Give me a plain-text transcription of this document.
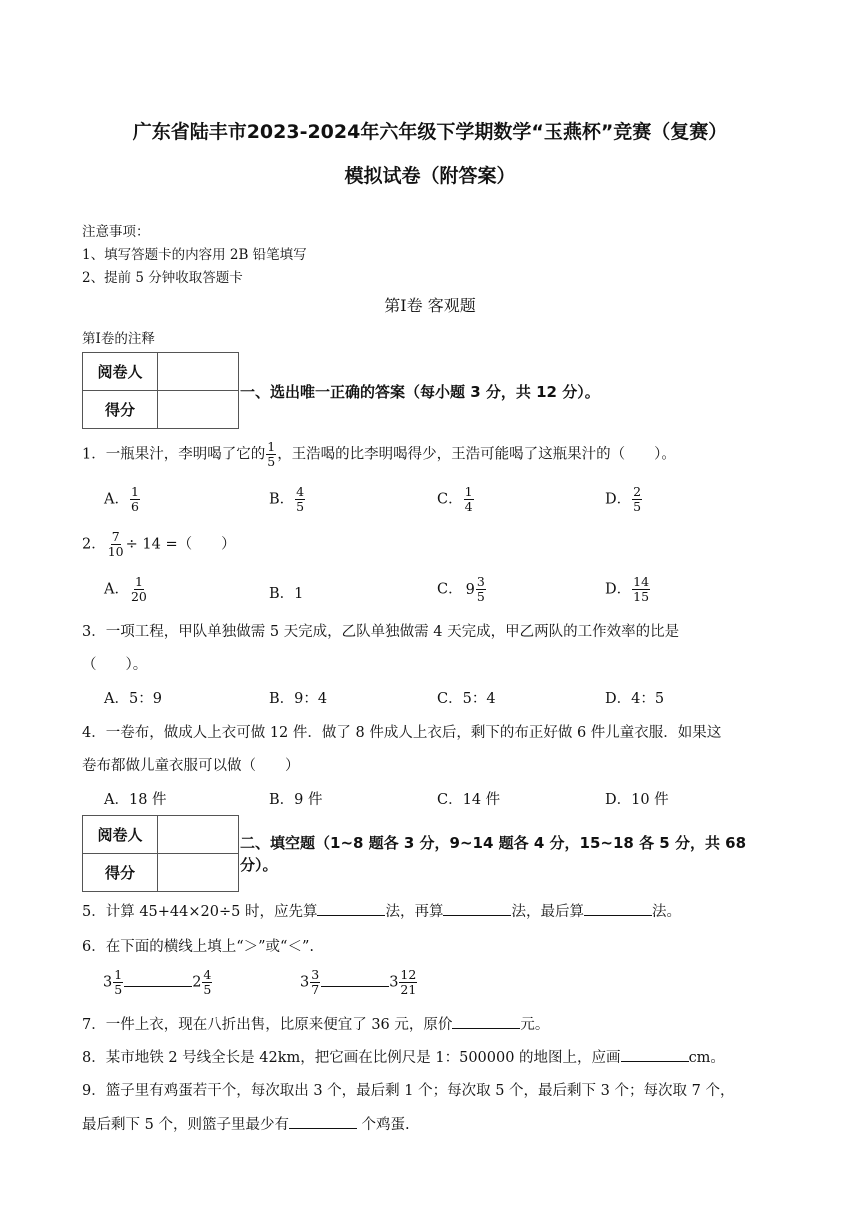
广东省陆丰市2023-2024年六年级下学期数学“玉燕杯”竞赛（复赛）
模拟试卷（附答案）
注意事项：
1、填写答题卡的内容用 2B 铅笔填写
2、提前 5 分钟收取答题卡
第Ⅰ卷 客观题
第Ⅰ卷的注释
阅卷人	
得分	
一、选出唯一正确的答案（每小题 3 分，共 12 分）。
1．一瓶果汁，李明喝了它的 $\frac{1}{5}$ ，王浩喝的比李明喝得少，王浩可能喝了这瓶果汁的（　　）。
A． $\frac{1}{6}$	B． $\frac{4}{5}$	C． $\frac{1}{4}$	D． $\frac{2}{5}$
2． $\frac{7}{10} \div 14$ =（　　）
A． $\frac{1}{20}$	B．1	C． $9 \frac{3}{5}$	D． $\frac{14}{15}$
3．一项工程，甲队单独做需 5 天完成，乙队单独做需 4 天完成，甲乙两队的工作效率的比是
（　　）。
A．5：9	B．9：4	C．5：4	D．4：5
4．一卷布，做成人上衣可做 12 件．做了 8 件成人上衣后，剩下的布正好做 6 件儿童衣服．如果这
卷布都做儿童衣服可以做（　　）
A．18 件	B．9 件	C．14 件	D．10 件
阅卷人	
得分	
二、填空题（1~8 题各 3 分，9~14 题各 4 分，15~18 各 5 分，共 68
分）。
5．计算 45+44×20÷5 时，应先算	法，再算	法，最后算	法。
6．在下面的横线上填上“＞”或“＜”.
$3 \frac{1}{5}$	$2 \frac{4}{5}$	$3 \frac{3}{7}$	$3 \frac{12}{21}$
7．一件上衣，现在八折出售，比原来便宜了 36 元，原价	元。
8．某市地铁 2 号线全长是 42km，把它画在比例尺是 1：500000 的地图上，应画	cm。
9．篮子里有鸡蛋若干个，每次取出 3 个，最后剩 1 个；每次取 5 个，最后剩下 3 个；每次取 7 个，
最后剩下 5 个，则篮子里最少有	个鸡蛋.
